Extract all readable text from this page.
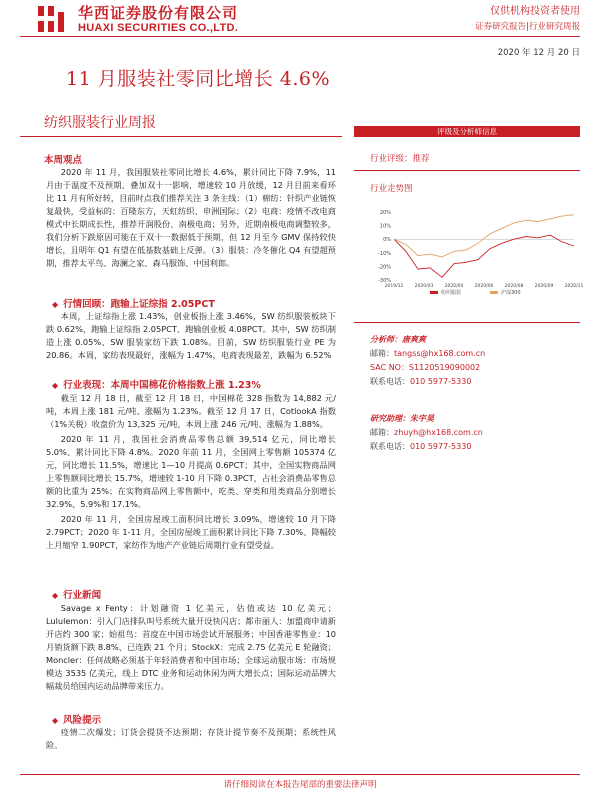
华西证券股份有限公司
HUAXI SECURITIES CO.,LTD.
仅供机构投资者使用
证券研究报告|行业研究周报
2020 年 12 月 20 日
11 月服装社零同比增长 4.6%
纺织服装行业周报
本周观点

2020 年 11 月，我国服装社零同比增长 4.6%，累计同比下降 7.9%，11 月由于温度不及预期、叠加双十一影响，增速较 10 月放缓，12 月目前来看环比 11 月有所好转，目前时点我们推荐关注 3 条主线：（1）棉纺：针织产业链恢复最快，受益标的：百隆东方，天虹纺织、申洲国际；（2）电商：疫情不改电商模式中长期成长性，推荐开润股份、南极电商；另外，近期南极电商调整较多，我们分析下跌原因可能在于双十一数据低于预期，但 12 月至今 GMV 保持较快增长，且明年 Q1 有望在低基数基础上反弹。（3）服装：冷冬催化 Q4 有望超预期，推荐太平鸟、海澜之家、森马服饰、中国利郎。

◆ 行情回顾：跑输上证综指 2.05PCT

本周，上证综指上涨 1.43%，创业板指上涨 3.46%，SW 纺织服装板块下跌 0.62%，跑输上证综指 2.05PCT、跑输创业板 4.08PCT。其中，SW 纺织制造上涨 0.05%、SW 服装家纺下跌 1.08%。目前，SW 纺织服装行业 PE 为 20.86。本周，家纺表现最好，涨幅为 1.47%，电商表现最差，跌幅为 6.52%

◆ 行业表现：本周中国棉花价格指数上涨 1.23%

截至 12 月 18 日，截至 12 月 18 日，中国棉花 328 指数为 14,882 元/吨，本周上涨 181 元/吨、涨幅为 1.23%。截至 12 月 17 日，CotlookA 指数（1%关税）收盘价为 13,325 元/吨，本周上涨 246 元/吨、涨幅为 1.88%。

2020 年 11 月，我国社会消费品零售总额 39,514 亿元，同比增长 5.0%、累计同比下降 4.8%。2020 年前 11 月，全国网上零售额 105374 亿元，同比增长 11.5%，增速比 1—10 月提高 0.6PCT；其中，全国实物商品网上零售额同比增长 15.7%，增速较 1-10 月下降 0.3PCT，占社会消费品零售总额的比重为 25%；在实物商品网上零售额中，吃类、穿类和用类商品分别增长 32.9%、5.9%和 17.1%。

2020 年 11 月，全国房屋竣工面积同比增长 3.09%，增速较 10 月下降 2.79PCT；2020 年 1-11 月，全国房屋竣工面积累计同比下降 7.30%、降幅较上月缩窄 1.90PCT，家纺作为地产产业链后周期行业有望受益。

◆ 行业新闻

Savage x Fenty：计划融资 1 亿美元，估值或达 10 亿美元；Lululemon：引入门店排队叫号系统大量开设快闪店；都市丽人：加盟商申请新开店约 300 家；始祖鸟：首度在中国市场尝试开展服务；中国香港零售业：10 月销货额下跌 8.8%、已连跌 21 个月；StockX：完成 2.75 亿美元 E 轮融资；Moncler：任何战略必须基于年轻消费者和中国市场；全球运动服市场：市场规模达 3535 亿美元，线上 DTC 业务和运动休闲为两大增长点；国际运动品牌大幅裁员给国内运动品牌带来压力。

◆ 风险提示

疫情二次爆发；订货会提货不达预期；存货计提节奏不及预期；系统性风险。

评级及分析师信息
行业评级：推荐
行业走势图
20%
10%
0%
-10%
-20%
-30%
2019/12	2020/03	2020/04	2020/06	2020/08	2020/09	2020/11
纺织服装	沪深300
分析师：唐爽爽
邮箱：tangss@hx168.com.cn
SAC NO：S1120519090002
联系电话：010 5977-5330
研究助理：朱宇昊
邮箱：zhuyh@hx168.com.cn
联系电话：010 5977-5330
请仔细阅读在本报告尾部的重要法律声明
